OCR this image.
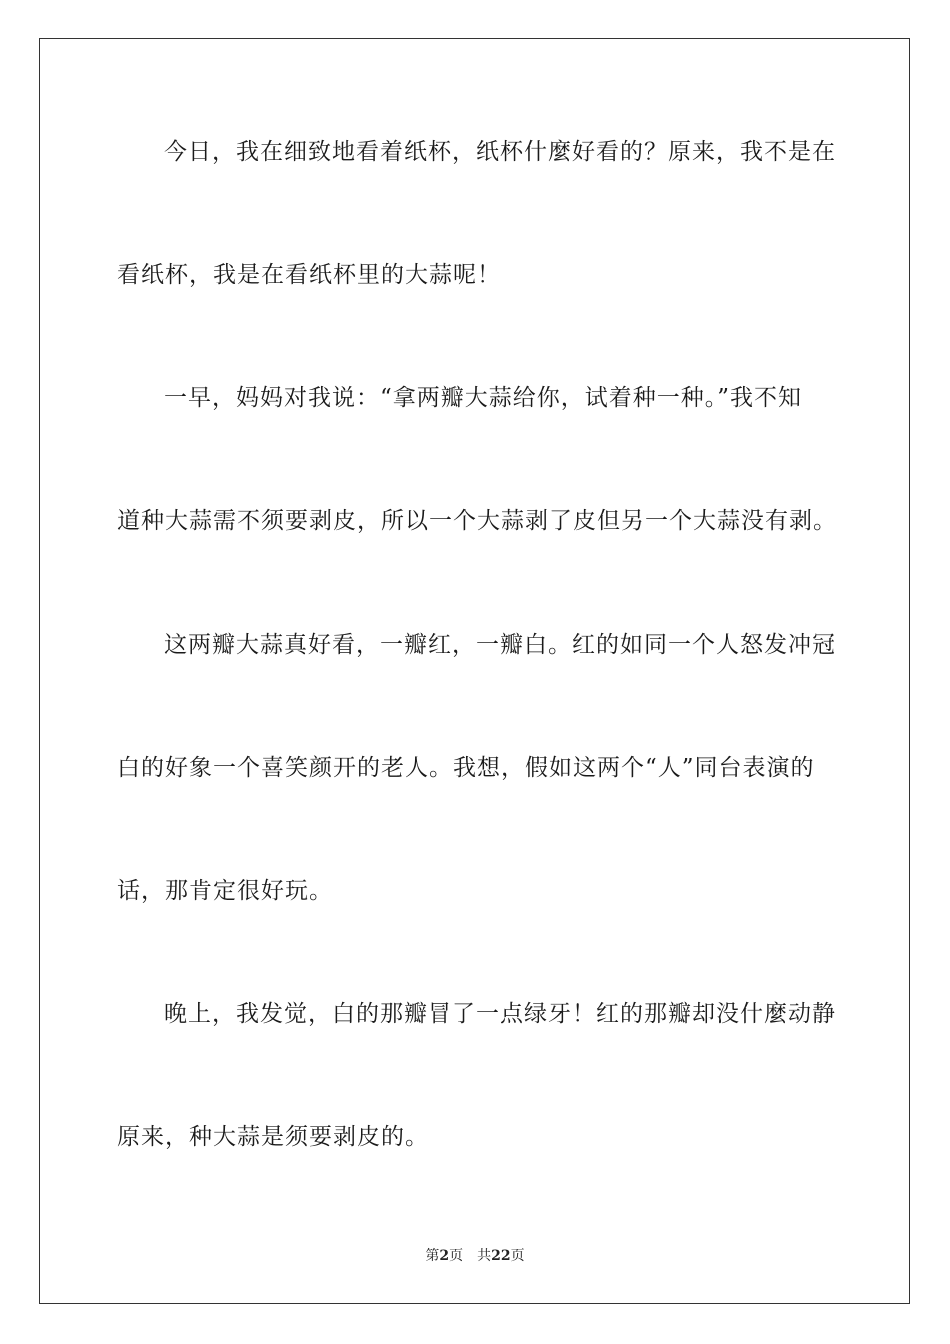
今日，我在细致地看着纸杯，纸杯什麼好看的？原来，我不是在
看纸杯，我是在看纸杯里的大蒜呢！
一早，妈妈对我说：“拿两瓣大蒜给你，试着种一种。”我不知
道种大蒜需不须要剥皮，所以一个大蒜剥了皮但另一个大蒜没有剥。
这两瓣大蒜真好看，一瓣红，一瓣白。红的如同一个人怒发冲冠
白的好象一个喜笑颜开的老人。我想，假如这两个“人”同台表演的
话，那肯定很好玩。
晚上，我发觉，白的那瓣冒了一点绿牙！红的那瓣却没什麼动静
原来，种大蒜是须要剥皮的。
第2页 共22页
